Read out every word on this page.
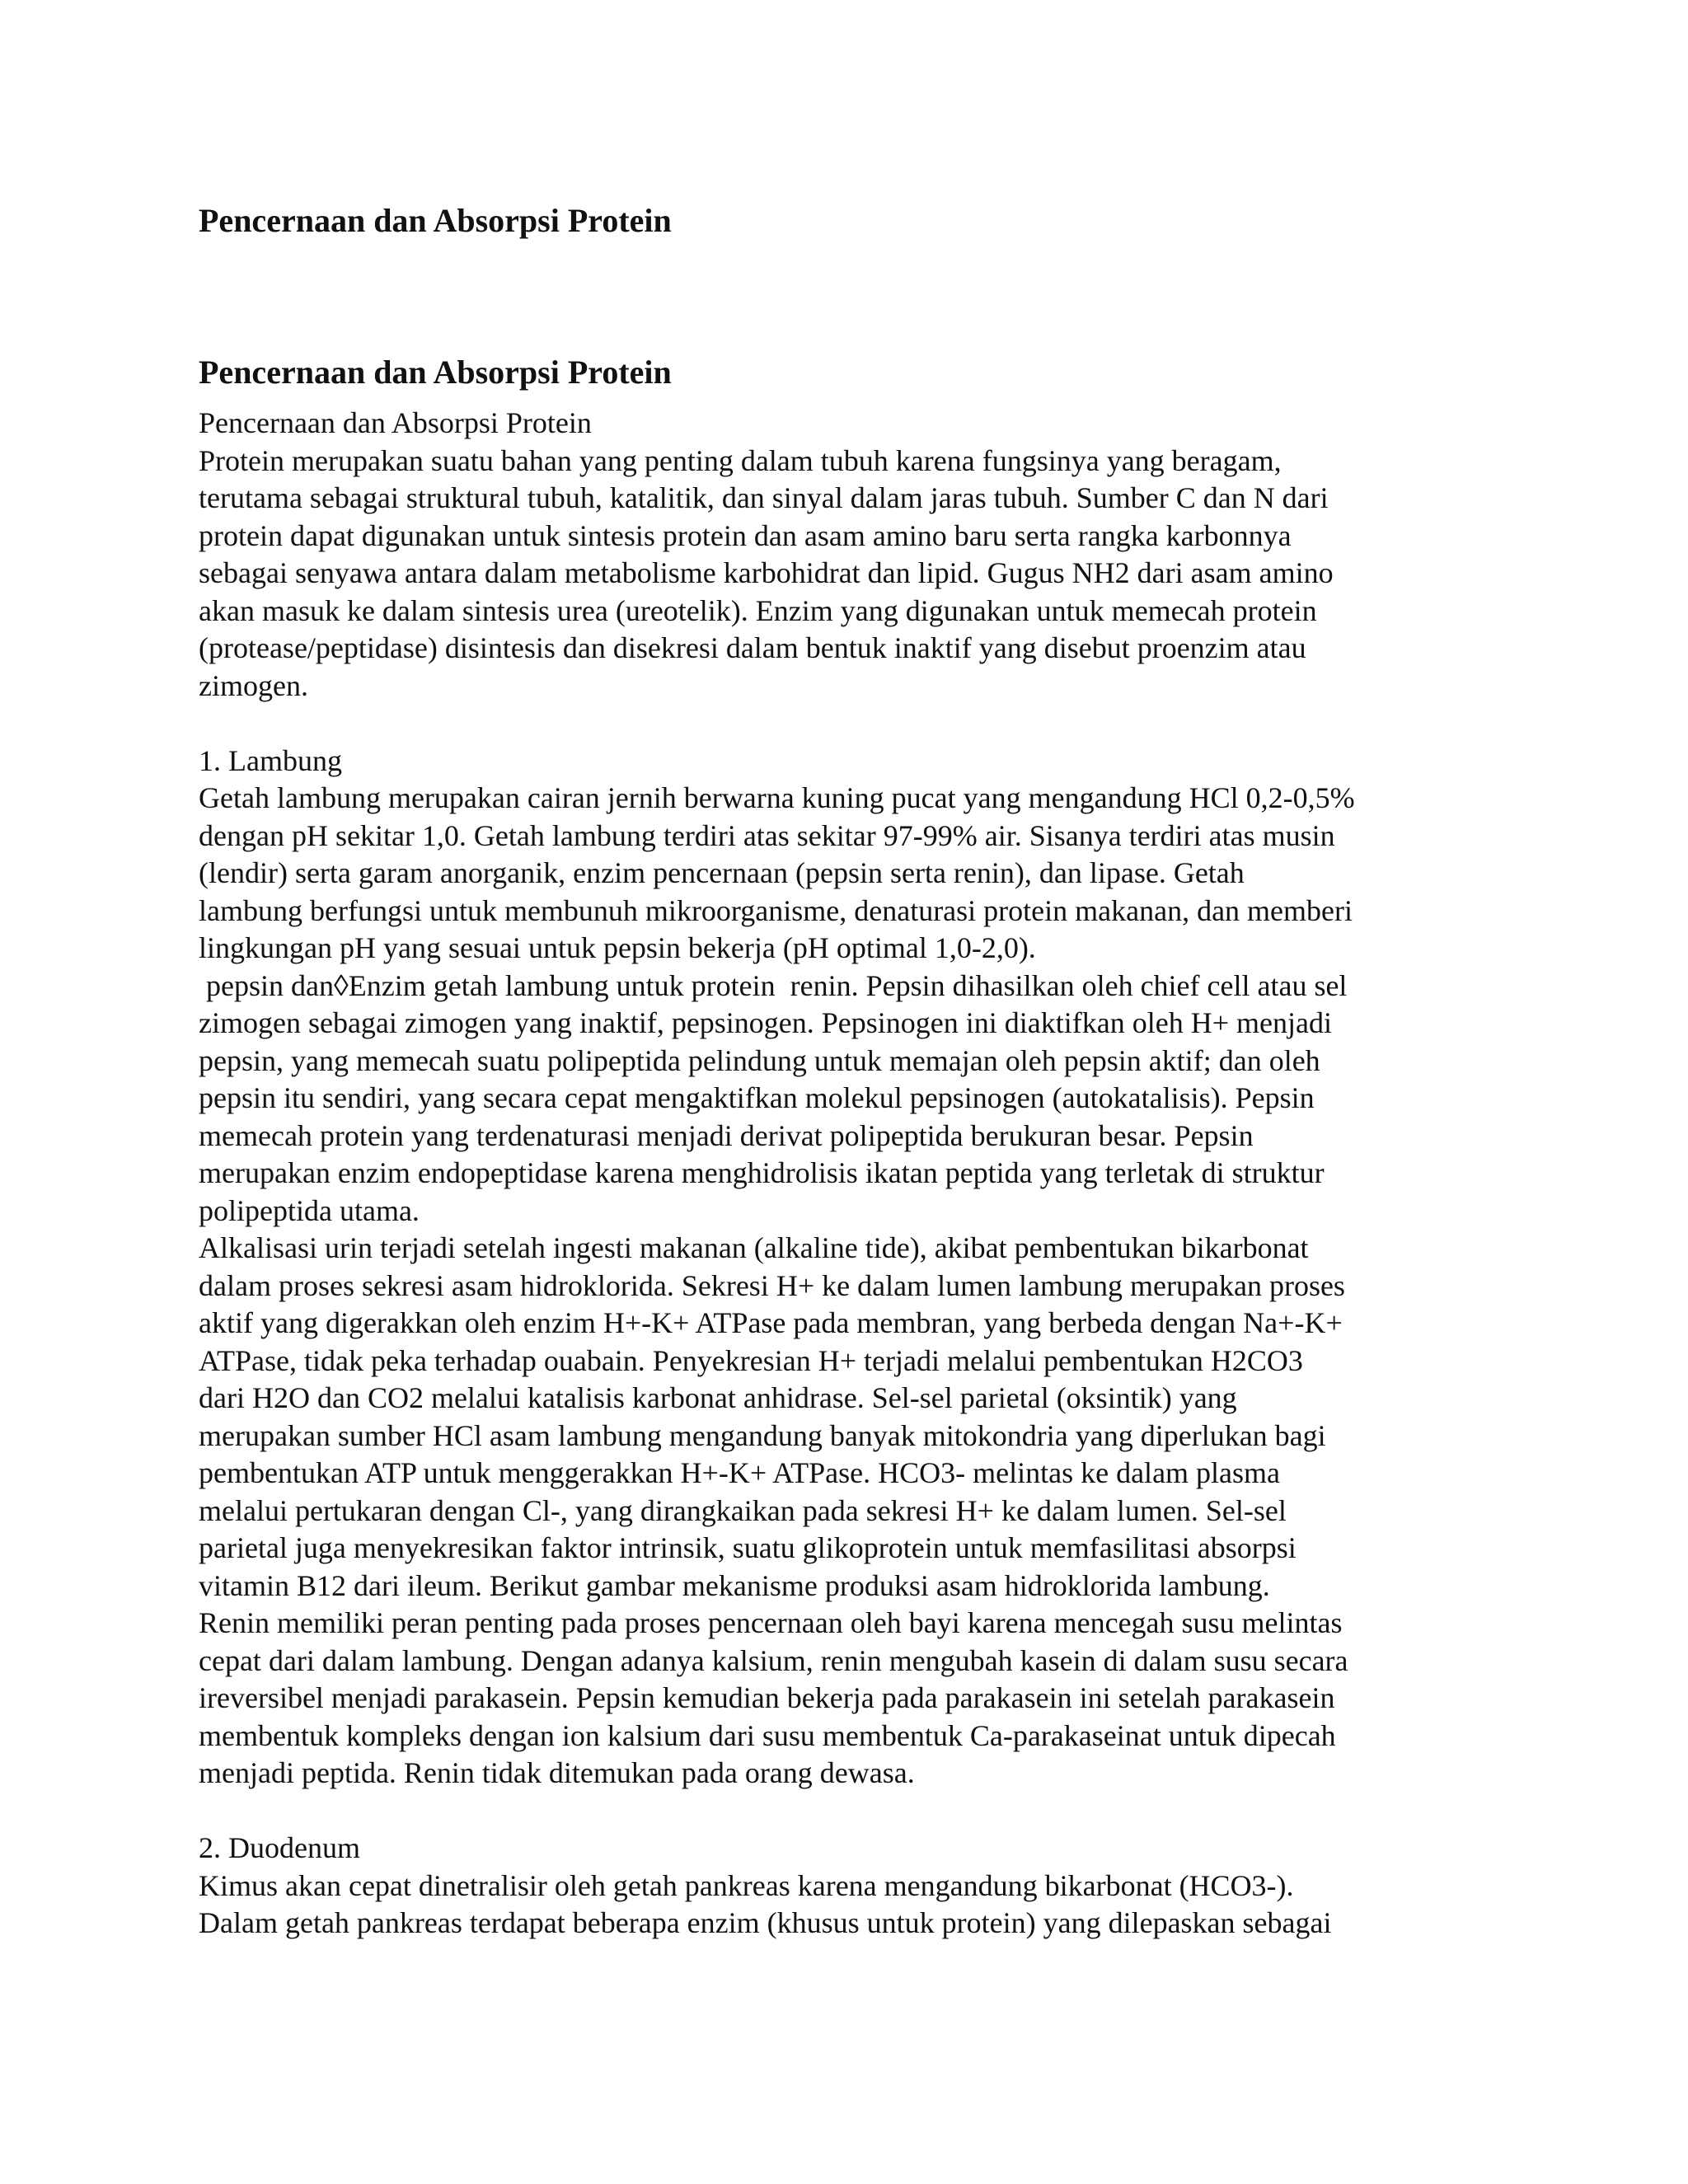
Pencernaan dan Absorpsi Protein
Pencernaan dan Absorpsi Protein
Pencernaan dan Absorpsi Protein
Protein merupakan suatu bahan yang penting dalam tubuh karena fungsinya yang beragam,
terutama sebagai struktural tubuh, katalitik, dan sinyal dalam jaras tubuh. Sumber C dan N dari
protein dapat digunakan untuk sintesis protein dan asam amino baru serta rangka karbonnya
sebagai senyawa antara dalam metabolisme karbohidrat dan lipid. Gugus NH2 dari asam amino
akan masuk ke dalam sintesis urea (ureotelik). Enzim yang digunakan untuk memecah protein
(protease/peptidase) disintesis dan disekresi dalam bentuk inaktif yang disebut proenzim atau
zimogen.
1. Lambung
Getah lambung merupakan cairan jernih berwarna kuning pucat yang mengandung HCl 0,2-0,5%
dengan pH sekitar 1,0. Getah lambung terdiri atas sekitar 97-99% air. Sisanya terdiri atas musin
(lendir) serta garam anorganik, enzim pencernaan (pepsin serta renin), dan lipase. Getah
lambung berfungsi untuk membunuh mikroorganisme, denaturasi protein makanan, dan memberi
lingkungan pH yang sesuai untuk pepsin bekerja (pH optimal 1,0-2,0).
pepsin dan◊Enzim getah lambung untuk protein  renin. Pepsin dihasilkan oleh chief cell atau sel
zimogen sebagai zimogen yang inaktif, pepsinogen. Pepsinogen ini diaktifkan oleh H+ menjadi
pepsin, yang memecah suatu polipeptida pelindung untuk memajan oleh pepsin aktif; dan oleh
pepsin itu sendiri, yang secara cepat mengaktifkan molekul pepsinogen (autokatalisis). Pepsin
memecah protein yang terdenaturasi menjadi derivat polipeptida berukuran besar. Pepsin
merupakan enzim endopeptidase karena menghidrolisis ikatan peptida yang terletak di struktur
polipeptida utama.
Alkalisasi urin terjadi setelah ingesti makanan (alkaline tide), akibat pembentukan bikarbonat
dalam proses sekresi asam hidroklorida. Sekresi H+ ke dalam lumen lambung merupakan proses
aktif yang digerakkan oleh enzim H+-K+ ATPase pada membran, yang berbeda dengan Na+-K+
ATPase, tidak peka terhadap ouabain. Penyekresian H+ terjadi melalui pembentukan H2CO3
dari H2O dan CO2 melalui katalisis karbonat anhidrase. Sel-sel parietal (oksintik) yang
merupakan sumber HCl asam lambung mengandung banyak mitokondria yang diperlukan bagi
pembentukan ATP untuk menggerakkan H+-K+ ATPase. HCO3- melintas ke dalam plasma
melalui pertukaran dengan Cl-, yang dirangkaikan pada sekresi H+ ke dalam lumen. Sel-sel
parietal juga menyekresikan faktor intrinsik, suatu glikoprotein untuk memfasilitasi absorpsi
vitamin B12 dari ileum. Berikut gambar mekanisme produksi asam hidroklorida lambung.
Renin memiliki peran penting pada proses pencernaan oleh bayi karena mencegah susu melintas
cepat dari dalam lambung. Dengan adanya kalsium, renin mengubah kasein di dalam susu secara
ireversibel menjadi parakasein. Pepsin kemudian bekerja pada parakasein ini setelah parakasein
membentuk kompleks dengan ion kalsium dari susu membentuk Ca-parakaseinat untuk dipecah
menjadi peptida. Renin tidak ditemukan pada orang dewasa.
2. Duodenum
Kimus akan cepat dinetralisir oleh getah pankreas karena mengandung bikarbonat (HCO3-).
Dalam getah pankreas terdapat beberapa enzim (khusus untuk protein) yang dilepaskan sebagai
